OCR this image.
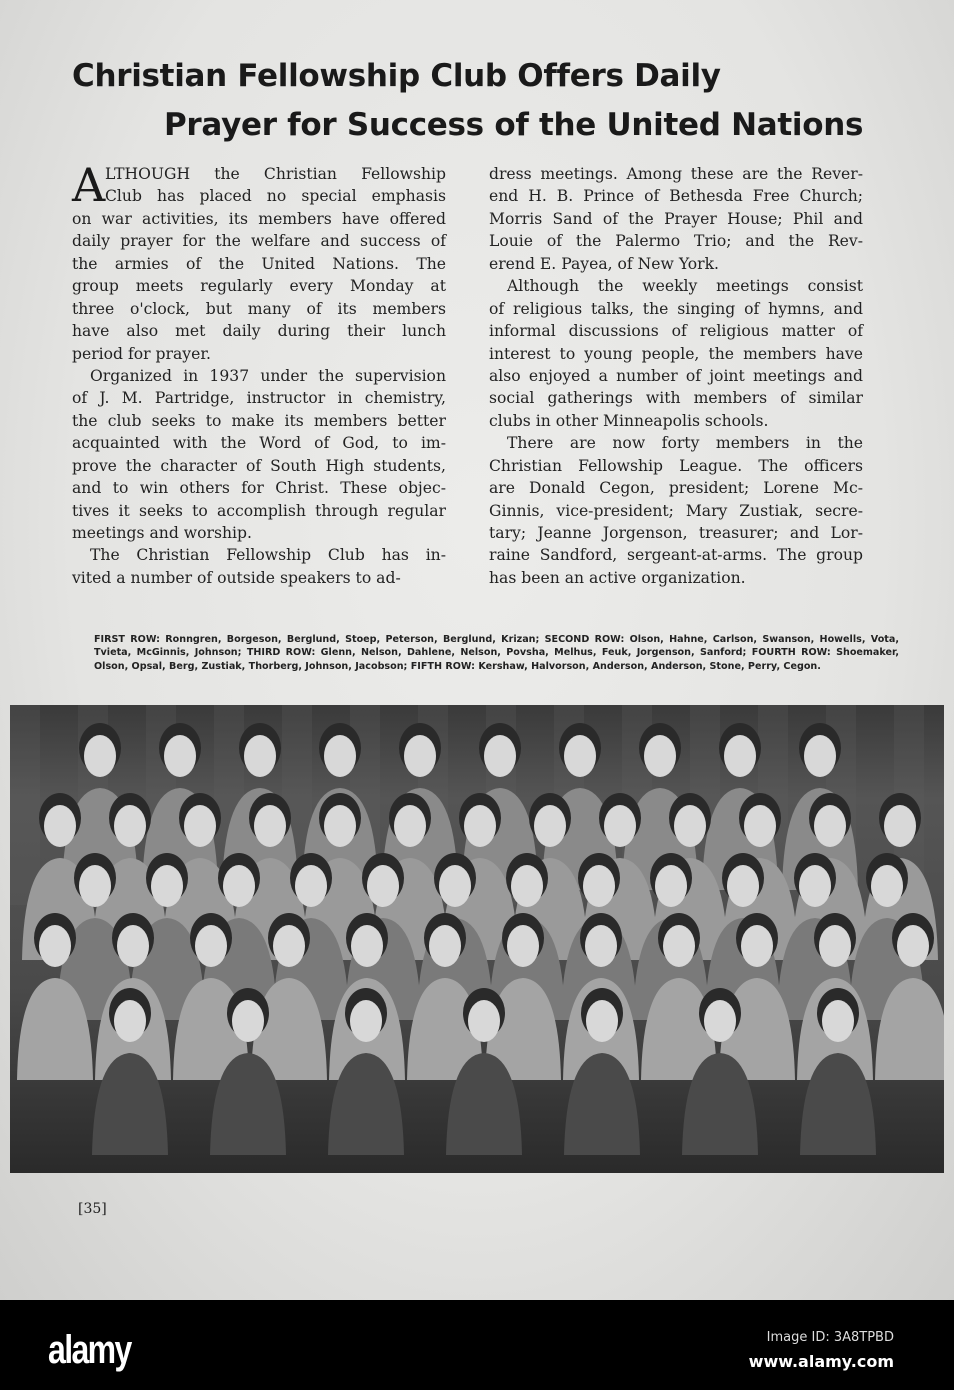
Christian Fellowship Club Offers Daily
Prayer for Success of the United Nations
A LTHOUGH the Christian Fellowship
Club has placed no special emphasis
on war activities, its members have offered
daily prayer for the welfare and success of
the armies of the United Nations. The
group meets regularly every Monday at
three o'clock, but many of its members
have also met daily during their lunch
period for prayer.
Organized in 1937 under the supervision
of J. M. Partridge, instructor in chemistry,
the club seeks to make its members better
acquainted with the Word of God, to im-
prove the character of South High students,
and to win others for Christ. These objec-
tives it seeks to accomplish through regular
meetings and worship.
The Christian Fellowship Club has in-
vited a number of outside speakers to ad-
dress meetings. Among these are the Rever-
end H. B. Prince of Bethesda Free Church;
Morris Sand of the Prayer House; Phil and
Louie of the Palermo Trio; and the Rev-
erend E. Payea, of New York.
Although the weekly meetings consist
of religious talks, the singing of hymns, and
informal discussions of religious matter of
interest to young people, the members have
also enjoyed a number of joint meetings and
social gatherings with members of similar
clubs in other Minneapolis schools.
There are now forty members in the
Christian Fellowship League. The officers
are Donald Cegon, president; Lorene Mc-
Ginnis, vice-president; Mary Zustiak, secre-
tary; Jeanne Jorgenson, treasurer; and Lor-
raine Sandford, sergeant-at-arms. The group
has been an active organization.
FIRST ROW: Ronngren, Borgeson, Berglund, Stoep, Peterson, Berglund, Krizan; SECOND ROW: Olson, Hahne, Carlson, Swanson, Howells, Vota, Tvieta, McGinnis, Johnson; THIRD ROW: Glenn, Nelson, Dahlene, Nelson, Povsha, Melhus, Feuk, Jorgenson, Sanford; FOURTH ROW: Shoemaker, Olson, Opsal, Berg, Zustiak, Thorberg, Johnson, Jacobson; FIFTH ROW: Kershaw, Halvorson, Anderson, Anderson, Stone, Perry, Cegon.
[35]
alamy	Image ID: 3A8TPBD
www.alamy.com
